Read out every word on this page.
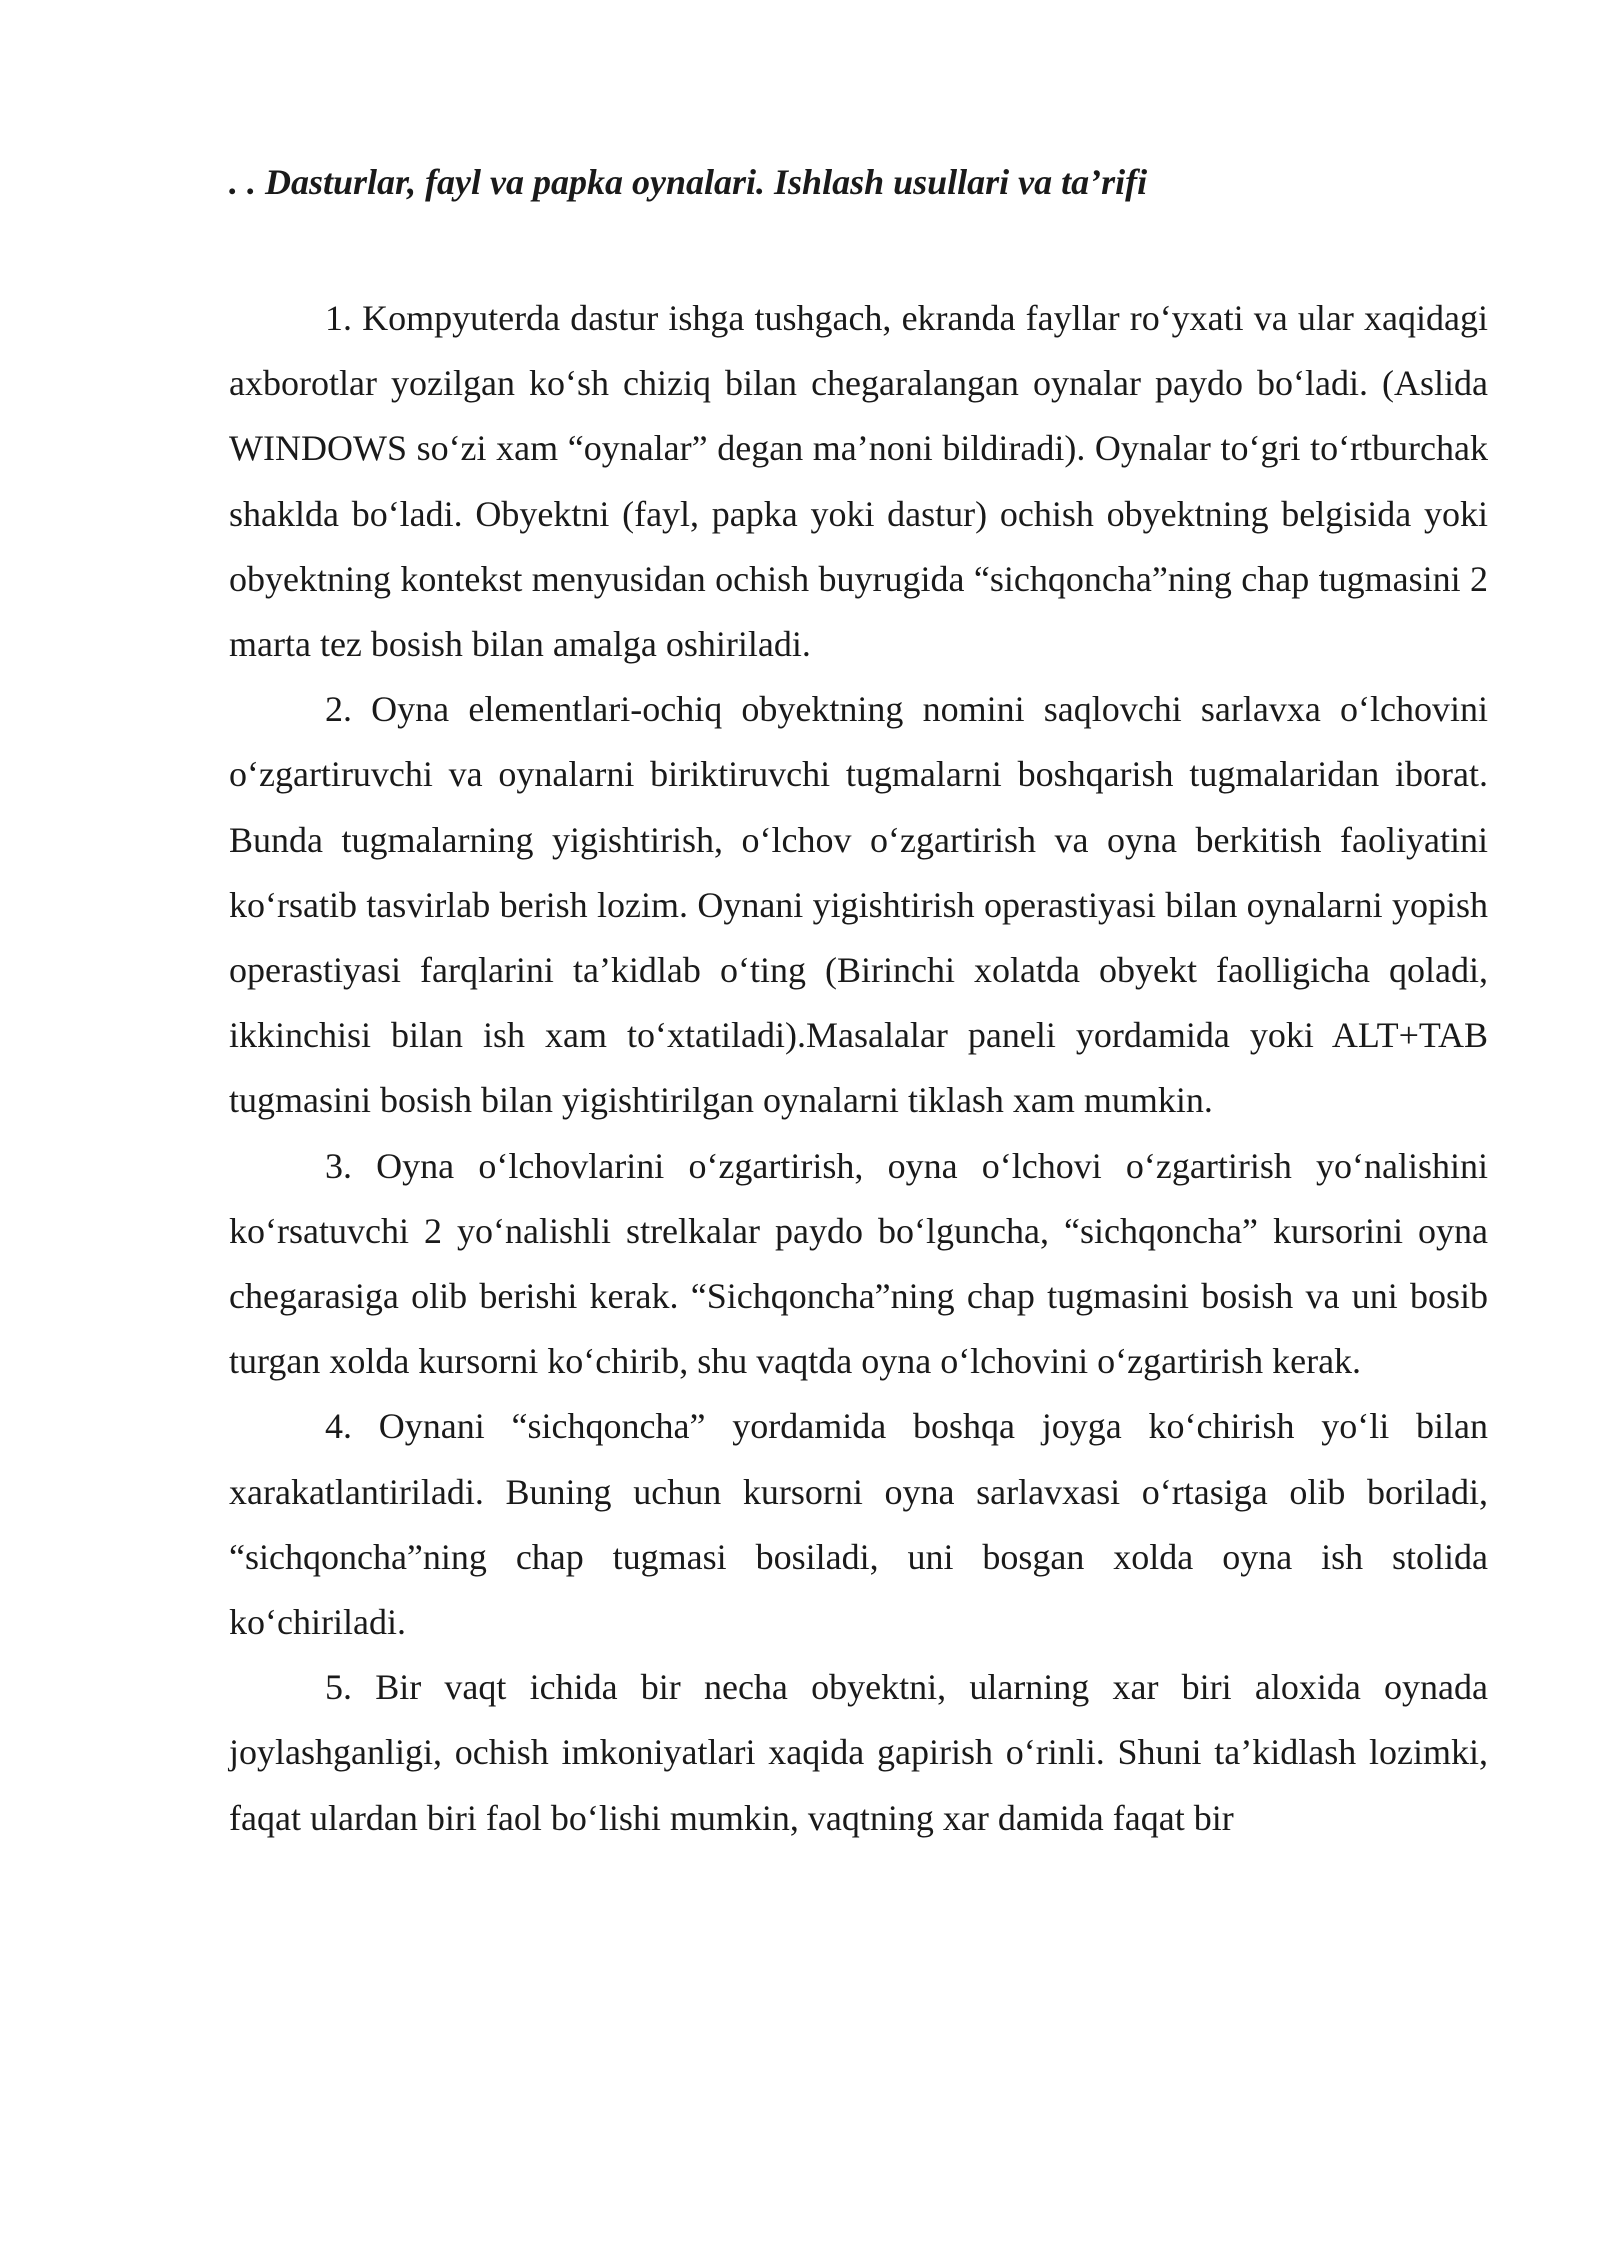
. . Dasturlar, fayl va papka oynalari. Ishlash usullari va ta’rifi

1. Kompyuterda dastur ishga tushgach, ekranda fayllar ro‘yxati va ular xaqidagi axborotlar yozilgan ko‘sh chiziq bilan chegaralangan oynalar paydo bo‘ladi. (Aslida WINDOWS so‘zi xam “oynalar” degan ma’noni bildiradi). Oynalar to‘gri to‘rtburchak shaklda bo‘ladi. Obyektni (fayl, papka yoki dastur) ochish obyektning belgisida yoki obyektning kontekst menyusidan ochish buyrugida “sichqoncha”ning chap tugmasini 2 marta tez bosish bilan amalga oshiriladi.

2. Oyna elementlari-ochiq obyektning nomini saqlovchi sarlavxa o‘lchovini o‘zgartiruvchi va oynalarni biriktiruvchi tugmalarni boshqarish tugmalaridan iborat. Bunda tugmalarning yigishtirish, o‘lchov o‘zgartirish va oyna berkitish faoliyatini ko‘rsatib tasvirlab berish lozim. Oynani yigishtirish operastiyasi bilan oynalarni yopish operastiyasi farqlarini ta’kidlab o‘ting (Birinchi xolatda obyekt faolligicha qoladi, ikkinchisi bilan ish xam to‘xtatiladi).Masalalar paneli yordamida yoki ALT+TAB tugmasini bosish bilan yigishtirilgan oynalarni tiklash xam mumkin.

3. Oyna o‘lchovlarini o‘zgartirish, oyna o‘lchovi o‘zgartirish yo‘nalishini ko‘rsatuvchi 2 yo‘nalishli strelkalar paydo bo‘lguncha, “sichqoncha” kursorini oyna chegarasiga olib berishi kerak. “Sichqoncha”ning chap tugmasini bosish va uni bosib turgan xolda kursorni ko‘chirib, shu vaqtda oyna o‘lchovini o‘zgartirish kerak.

4. Oynani “sichqoncha” yordamida boshqa joyga ko‘chirish yo‘li bilan xarakatlantiriladi. Buning uchun kursorni oyna sarlavxasi o‘rtasiga olib boriladi, “sichqoncha”ning chap tugmasi bosiladi, uni bosgan xolda oyna ish stolida ko‘chiriladi.

5. Bir vaqt ichida bir necha obyektni, ularning xar biri aloxida oynada joylashganligi, ochish imkoniyatlari xaqida gapirish o‘rinli. Shuni ta’kidlash lozimki, faqat ulardan biri faol bo‘lishi mumkin, vaqtning xar damida faqat bir
